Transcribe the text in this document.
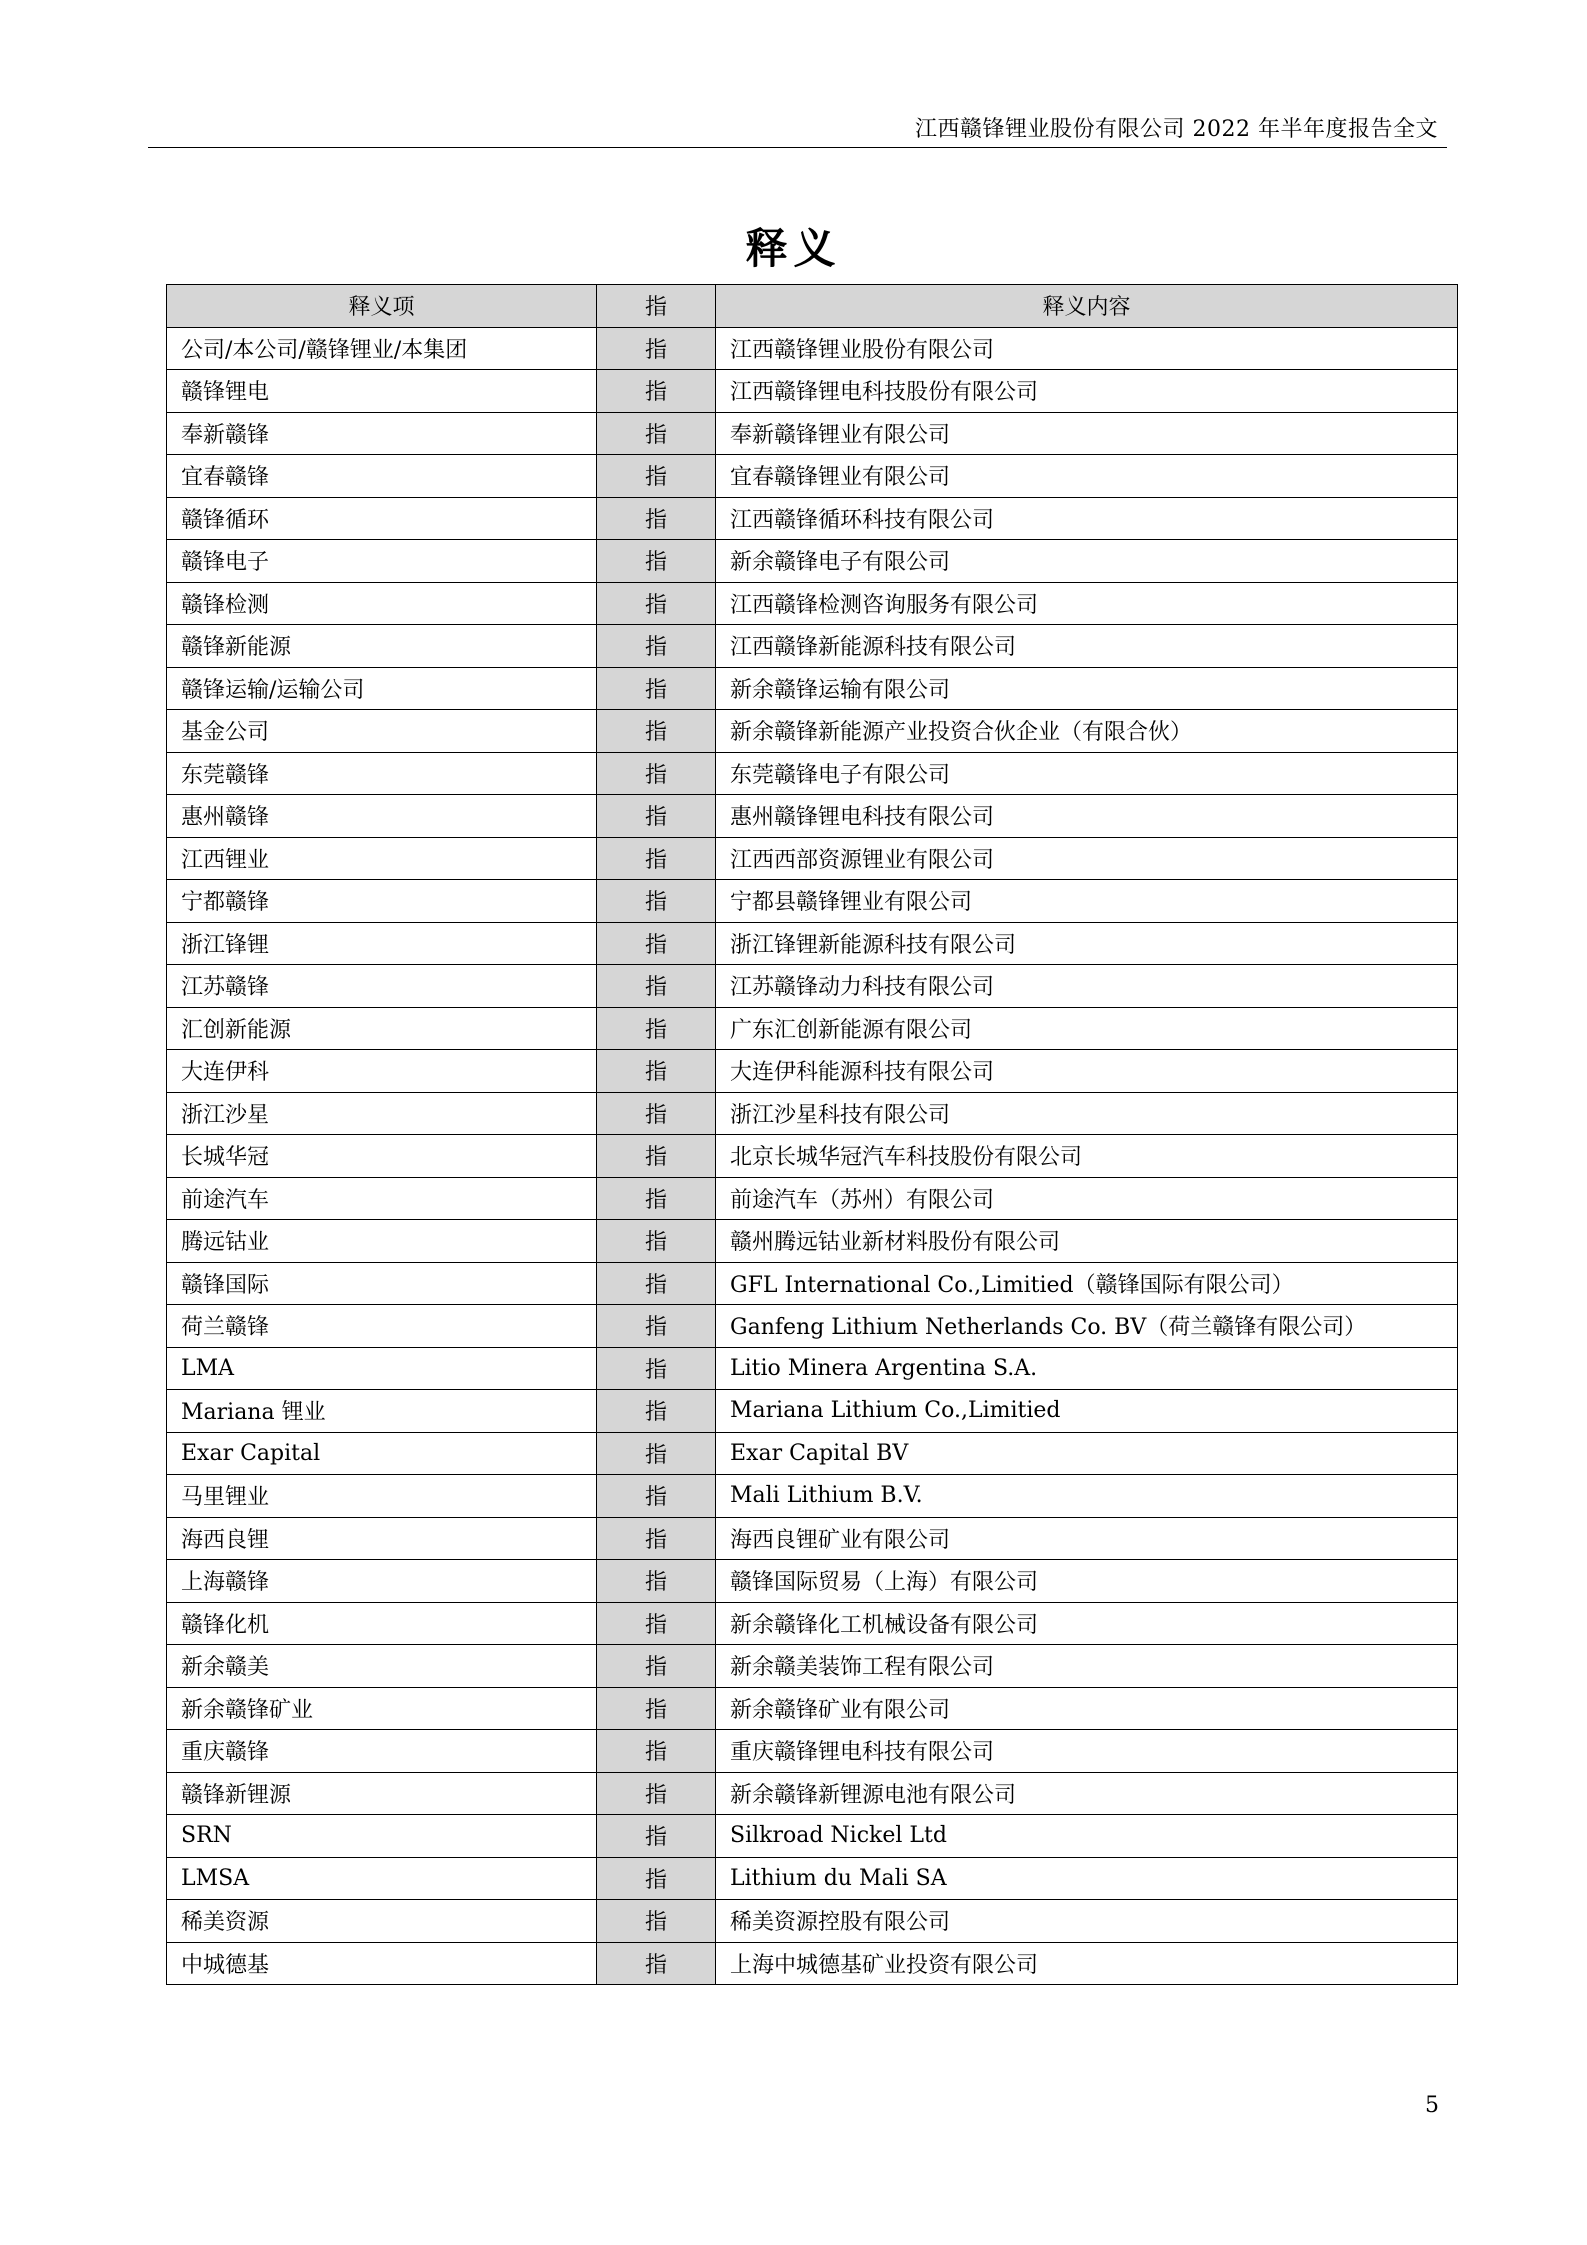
江西赣锋锂业股份有限公司 2022 年半年度报告全文
释义
释义项	指	释义内容
公司/本公司/赣锋锂业/本集团	指	江西赣锋锂业股份有限公司
赣锋锂电	指	江西赣锋锂电科技股份有限公司
奉新赣锋	指	奉新赣锋锂业有限公司
宜春赣锋	指	宜春赣锋锂业有限公司
赣锋循环	指	江西赣锋循环科技有限公司
赣锋电子	指	新余赣锋电子有限公司
赣锋检测	指	江西赣锋检测咨询服务有限公司
赣锋新能源	指	江西赣锋新能源科技有限公司
赣锋运输/运输公司	指	新余赣锋运输有限公司
基金公司	指	新余赣锋新能源产业投资合伙企业（有限合伙）
东莞赣锋	指	东莞赣锋电子有限公司
惠州赣锋	指	惠州赣锋锂电科技有限公司
江西锂业	指	江西西部资源锂业有限公司
宁都赣锋	指	宁都县赣锋锂业有限公司
浙江锋锂	指	浙江锋锂新能源科技有限公司
江苏赣锋	指	江苏赣锋动力科技有限公司
汇创新能源	指	广东汇创新能源有限公司
大连伊科	指	大连伊科能源科技有限公司
浙江沙星	指	浙江沙星科技有限公司
长城华冠	指	北京长城华冠汽车科技股份有限公司
前途汽车	指	前途汽车（苏州）有限公司
腾远钴业	指	赣州腾远钴业新材料股份有限公司
赣锋国际	指	GFL International Co.,Limitied（赣锋国际有限公司）
荷兰赣锋	指	Ganfeng Lithium Netherlands Co. BV（荷兰赣锋有限公司）
LMA	指	Litio Minera Argentina S.A.
Mariana 锂业	指	Mariana Lithium Co.,Limitied
Exar Capital	指	Exar Capital BV
马里锂业	指	Mali Lithium B.V.
海西良锂	指	海西良锂矿业有限公司
上海赣锋	指	赣锋国际贸易（上海）有限公司
赣锋化机	指	新余赣锋化工机械设备有限公司
新余赣美	指	新余赣美装饰工程有限公司
新余赣锋矿业	指	新余赣锋矿业有限公司
重庆赣锋	指	重庆赣锋锂电科技有限公司
赣锋新锂源	指	新余赣锋新锂源电池有限公司
SRN	指	Silkroad Nickel Ltd
LMSA	指	Lithium du Mali SA
稀美资源	指	稀美资源控股有限公司
中城德基	指	上海中城德基矿业投资有限公司
5
